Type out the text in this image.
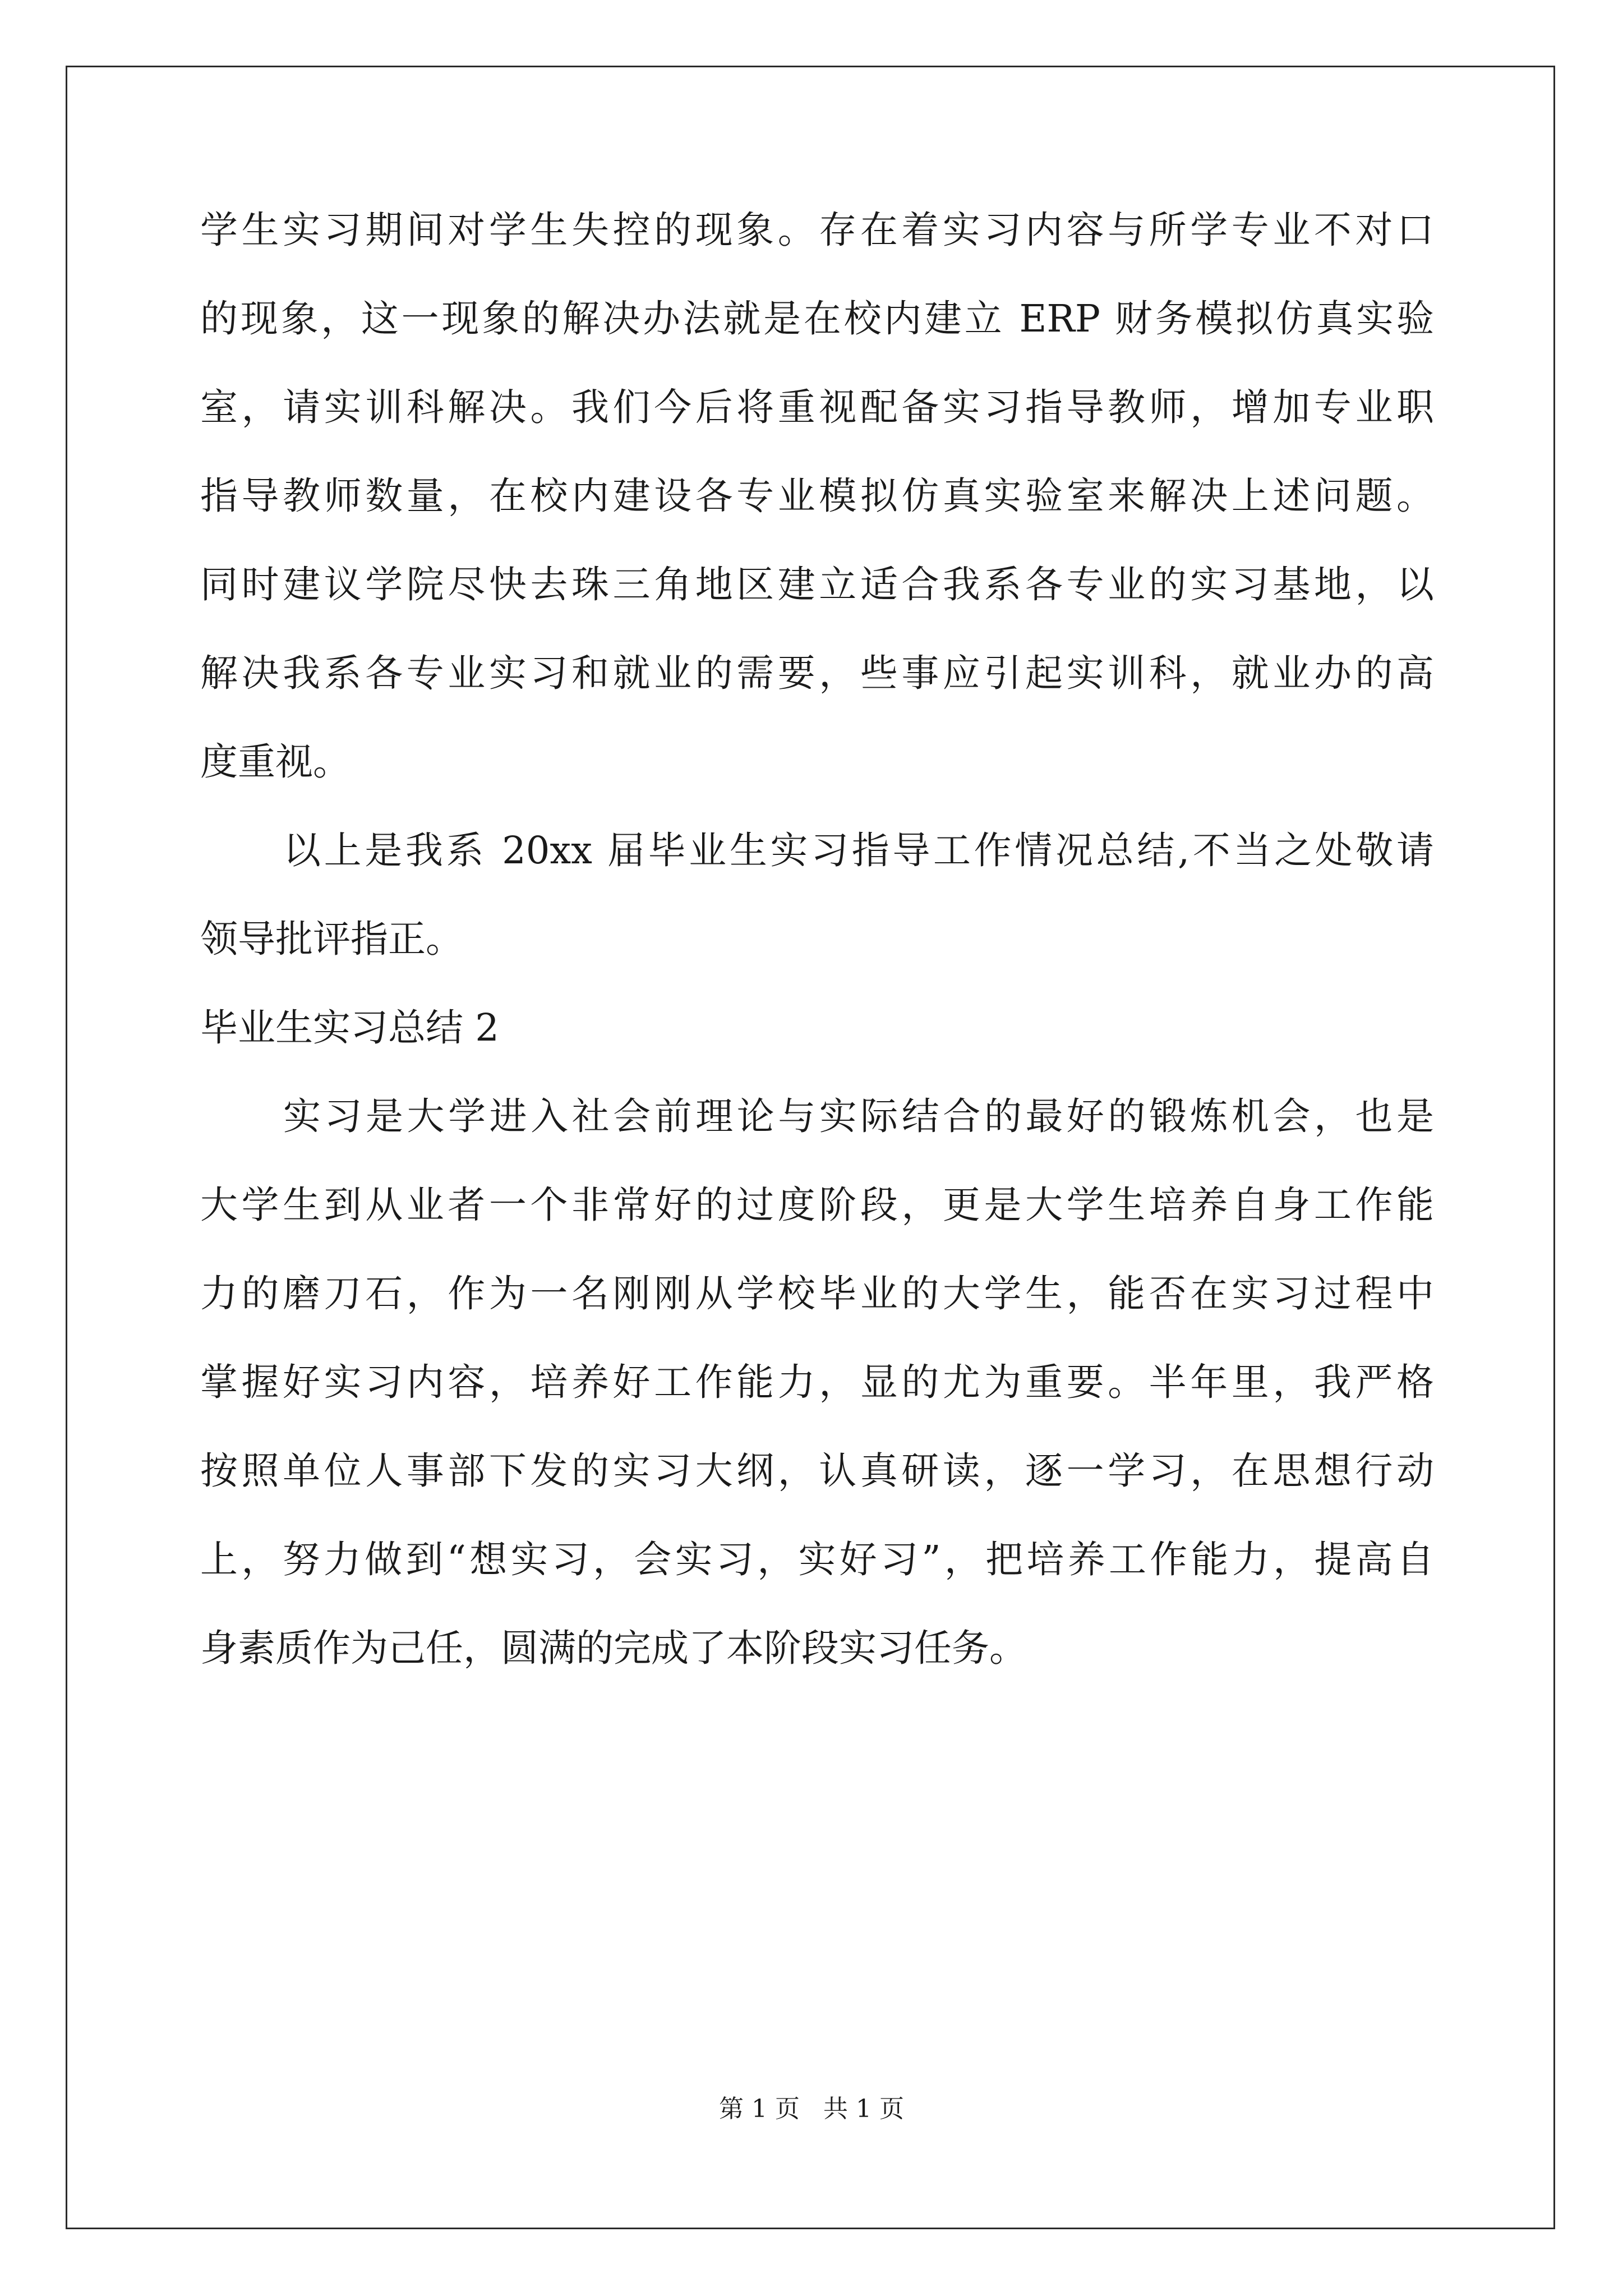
学生实习期间对学生失控的现象。存在着实习内容与所学专业不对口
的现象，这一现象的解决办法就是在校内建立 ERP 财务模拟仿真实验
室，请实训科解决。我们今后将重视配备实习指导教师，增加专业职
指导教师数量，在校内建设各专业模拟仿真实验室来解决上述问题。
同时建议学院尽快去珠三角地区建立适合我系各专业的实习基地，以
解决我系各专业实习和就业的需要，些事应引起实训科，就业办的高
度重视。
以上是我系 20xx 届毕业生实习指导工作情况总结,不当之处敬请
领导批评指正。
毕业生实习总结 2
实习是大学进入社会前理论与实际结合的最好的锻炼机会，也是
大学生到从业者一个非常好的过度阶段，更是大学生培养自身工作能
力的磨刀石，作为一名刚刚从学校毕业的大学生，能否在实习过程中
掌握好实习内容，培养好工作能力，显的尤为重要。半年里，我严格
按照单位人事部下发的实习大纲，认真研读，逐一学习，在思想行动
上，努力做到“想实习，会实习，实好习”，把培养工作能力，提高自
身素质作为己任，圆满的完成了本阶段实习任务。
第 1 页 共 1 页
